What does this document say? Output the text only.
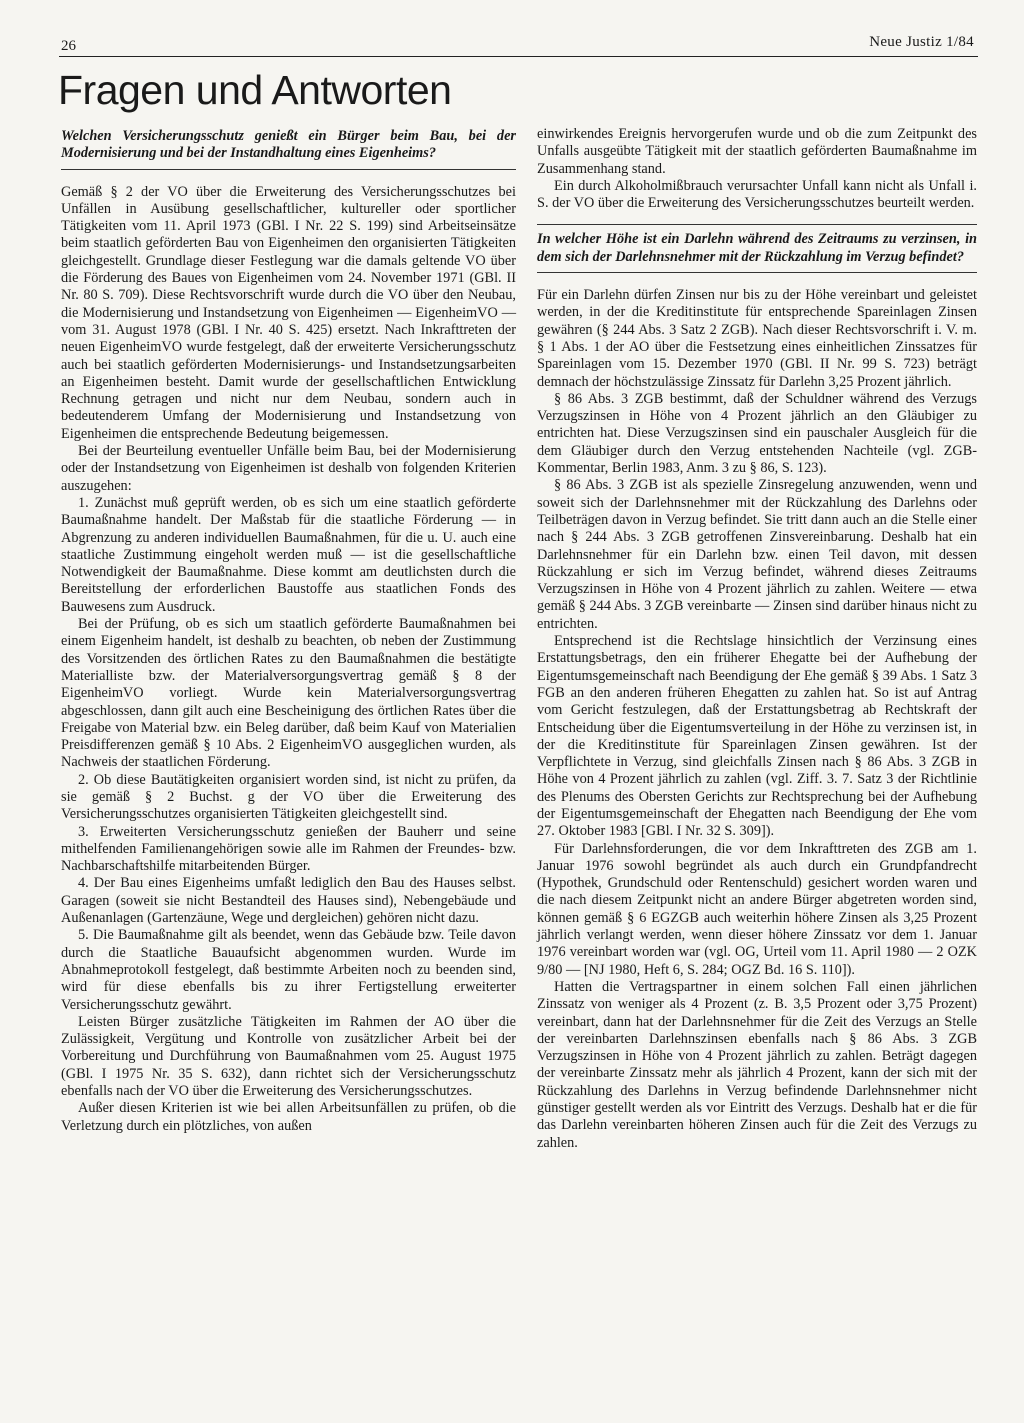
26	Neue Justiz 1/84
Fragen und Antworten

Welchen Versicherungsschutz genießt ein Bürger beim Bau, bei der Modernisierung und bei der Instandhaltung eines Eigenheims?

Gemäß § 2 der VO über die Erweiterung des Versicherungsschutzes bei Unfällen in Ausübung gesellschaftlicher, kultureller oder sportlicher Tätigkeiten vom 11. April 1973 (GBl. I Nr. 22 S. 199) sind Arbeitseinsätze beim staatlich geförderten Bau von Eigenheimen den organisierten Tätigkeiten gleichgestellt. Grundlage dieser Festlegung war die damals geltende VO über die Förderung des Baues von Eigenheimen vom 24. November 1971 (GBl. II Nr. 80 S. 709). Diese Rechtsvorschrift wurde durch die VO über den Neubau, die Modernisierung und Instandsetzung von Eigenheimen — EigenheimVO — vom 31. August 1978 (GBl. I Nr. 40 S. 425) ersetzt. Nach Inkrafttreten der neuen EigenheimVO wurde festgelegt, daß der erweiterte Versicherungsschutz auch bei staatlich geförderten Modernisierungs- und Instandsetzungsarbeiten an Eigenheimen besteht. Damit wurde der gesellschaftlichen Entwicklung Rechnung getragen und nicht nur dem Neubau, sondern auch in bedeutenderem Umfang der Modernisierung und Instandsetzung von Eigenheimen die entsprechende Bedeutung beigemessen.

Bei der Beurteilung eventueller Unfälle beim Bau, bei der Modernisierung oder der Instandsetzung von Eigenheimen ist deshalb von folgenden Kriterien auszugehen:

1. Zunächst muß geprüft werden, ob es sich um eine staatlich geförderte Baumaßnahme handelt. Der Maßstab für die staatliche Förderung — in Abgrenzung zu anderen individuellen Baumaßnahmen, für die u. U. auch eine staatliche Zustimmung eingeholt werden muß — ist die gesellschaftliche Notwendigkeit der Baumaßnahme. Diese kommt am deutlichsten durch die Bereitstellung der erforderlichen Baustoffe aus staatlichen Fonds des Bauwesens zum Ausdruck.

Bei der Prüfung, ob es sich um staatlich geförderte Baumaßnahmen bei einem Eigenheim handelt, ist deshalb zu beachten, ob neben der Zustimmung des Vorsitzenden des örtlichen Rates zu den Baumaßnahmen die bestätigte Materialliste bzw. der Materialversorgungsvertrag gemäß § 8 der EigenheimVO vorliegt. Wurde kein Materialversorgungsvertrag abgeschlossen, dann gilt auch eine Bescheinigung des örtlichen Rates über die Freigabe von Material bzw. ein Beleg darüber, daß beim Kauf von Materialien Preisdifferenzen gemäß § 10 Abs. 2 EigenheimVO ausgeglichen wurden, als Nachweis der staatlichen Förderung.

2. Ob diese Bautätigkeiten organisiert worden sind, ist nicht zu prüfen, da sie gemäß § 2 Buchst. g der VO über die Erweiterung des Versicherungsschutzes organisierten Tätigkeiten gleichgestellt sind.

3. Erweiterten Versicherungsschutz genießen der Bauherr und seine mithelfenden Familienangehörigen sowie alle im Rahmen der Freundes- bzw. Nachbarschaftshilfe mitarbeitenden Bürger.

4. Der Bau eines Eigenheims umfaßt lediglich den Bau des Hauses selbst. Garagen (soweit sie nicht Bestandteil des Hauses sind), Nebengebäude und Außenanlagen (Gartenzäune, Wege und dergleichen) gehören nicht dazu.

5. Die Baumaßnahme gilt als beendet, wenn das Gebäude bzw. Teile davon durch die Staatliche Bauaufsicht abgenommen wurden. Wurde im Abnahmeprotokoll festgelegt, daß bestimmte Arbeiten noch zu beenden sind, wird für diese ebenfalls bis zu ihrer Fertigstellung erweiterter Versicherungsschutz gewährt.

Leisten Bürger zusätzliche Tätigkeiten im Rahmen der AO über die Zulässigkeit, Vergütung und Kontrolle von zusätzlicher Arbeit bei der Vorbereitung und Durchführung von Baumaßnahmen vom 25. August 1975 (GBl. I 1975 Nr. 35 S. 632), dann richtet sich der Versicherungsschutz ebenfalls nach der VO über die Erweiterung des Versicherungsschutzes.

Außer diesen Kriterien ist wie bei allen Arbeitsunfällen zu prüfen, ob die Verletzung durch ein plötzliches, von außen

einwirkendes Ereignis hervorgerufen wurde und ob die zum Zeitpunkt des Unfalls ausgeübte Tätigkeit mit der staatlich geförderten Baumaßnahme im Zusammenhang stand.

Ein durch Alkoholmißbrauch verursachter Unfall kann nicht als Unfall i. S. der VO über die Erweiterung des Versicherungsschutzes beurteilt werden.

In welcher Höhe ist ein Darlehn während des Zeitraums zu verzinsen, in dem sich der Darlehnsnehmer mit der Rückzahlung im Verzug befindet?

Für ein Darlehn dürfen Zinsen nur bis zu der Höhe vereinbart und geleistet werden, in der die Kreditinstitute für entsprechende Spareinlagen Zinsen gewähren (§ 244 Abs. 3 Satz 2 ZGB). Nach dieser Rechtsvorschrift i. V. m. § 1 Abs. 1 der AO über die Festsetzung eines einheitlichen Zinssatzes für Spareinlagen vom 15. Dezember 1970 (GBl. II Nr. 99 S. 723) beträgt demnach der höchstzulässige Zinssatz für Darlehn 3,25 Prozent jährlich.

§ 86 Abs. 3 ZGB bestimmt, daß der Schuldner während des Verzugs Verzugszinsen in Höhe von 4 Prozent jährlich an den Gläubiger zu entrichten hat. Diese Verzugszinsen sind ein pauschaler Ausgleich für die dem Gläubiger durch den Verzug entstehenden Nachteile (vgl. ZGB-Kommentar, Berlin 1983, Anm. 3 zu § 86, S. 123).

§ 86 Abs. 3 ZGB ist als spezielle Zinsregelung anzuwenden, wenn und soweit sich der Darlehnsnehmer mit der Rückzahlung des Darlehns oder Teilbeträgen davon in Verzug befindet. Sie tritt dann auch an die Stelle einer nach § 244 Abs. 3 ZGB getroffenen Zinsvereinbarung. Deshalb hat ein Darlehnsnehmer für ein Darlehn bzw. einen Teil davon, mit dessen Rückzahlung er sich im Verzug befindet, während dieses Zeitraums Verzugszinsen in Höhe von 4 Prozent jährlich zu zahlen. Weitere — etwa gemäß § 244 Abs. 3 ZGB vereinbarte — Zinsen sind darüber hinaus nicht zu entrichten.

Entsprechend ist die Rechtslage hinsichtlich der Verzinsung eines Erstattungsbetrags, den ein früherer Ehegatte bei der Aufhebung der Eigentumsgemeinschaft nach Beendigung der Ehe gemäß § 39 Abs. 1 Satz 3 FGB an den anderen früheren Ehegatten zu zahlen hat. So ist auf Antrag vom Gericht festzulegen, daß der Erstattungsbetrag ab Rechtskraft der Entscheidung über die Eigentumsverteilung in der Höhe zu verzinsen ist, in der die Kreditinstitute für Spareinlagen Zinsen gewähren. Ist der Verpflichtete in Verzug, sind gleichfalls Zinsen nach § 86 Abs. 3 ZGB in Höhe von 4 Prozent jährlich zu zahlen (vgl. Ziff. 3. 7. Satz 3 der Richtlinie des Plenums des Obersten Gerichts zur Rechtsprechung bei der Aufhebung der Eigentumsgemeinschaft der Ehegatten nach Beendigung der Ehe vom 27. Oktober 1983 [GBl. I Nr. 32 S. 309]).

Für Darlehnsforderungen, die vor dem Inkrafttreten des ZGB am 1. Januar 1976 sowohl begründet als auch durch ein Grundpfandrecht (Hypothek, Grundschuld oder Rentenschuld) gesichert worden waren und die nach diesem Zeitpunkt nicht an andere Bürger abgetreten worden sind, können gemäß § 6 EGZGB auch weiterhin höhere Zinsen als 3,25 Prozent jährlich verlangt werden, wenn dieser höhere Zinssatz vor dem 1. Januar 1976 vereinbart worden war (vgl. OG, Urteil vom 11. April 1980 — 2 OZK 9/80 — [NJ 1980, Heft 6, S. 284; OGZ Bd. 16 S. 110]).

Hatten die Vertragspartner in einem solchen Fall einen jährlichen Zinssatz von weniger als 4 Prozent (z. B. 3,5 Prozent oder 3,75 Prozent) vereinbart, dann hat der Darlehnsnehmer für die Zeit des Verzugs an Stelle der vereinbarten Darlehnszinsen ebenfalls nach § 86 Abs. 3 ZGB Verzugszinsen in Höhe von 4 Prozent jährlich zu zahlen. Beträgt dagegen der vereinbarte Zinssatz mehr als jährlich 4 Prozent, kann der sich mit der Rückzahlung des Darlehns in Verzug befindende Darlehnsnehmer nicht günstiger gestellt werden als vor Eintritt des Verzugs. Deshalb hat er die für das Darlehn vereinbarten höheren Zinsen auch für die Zeit des Verzugs zu zahlen.
